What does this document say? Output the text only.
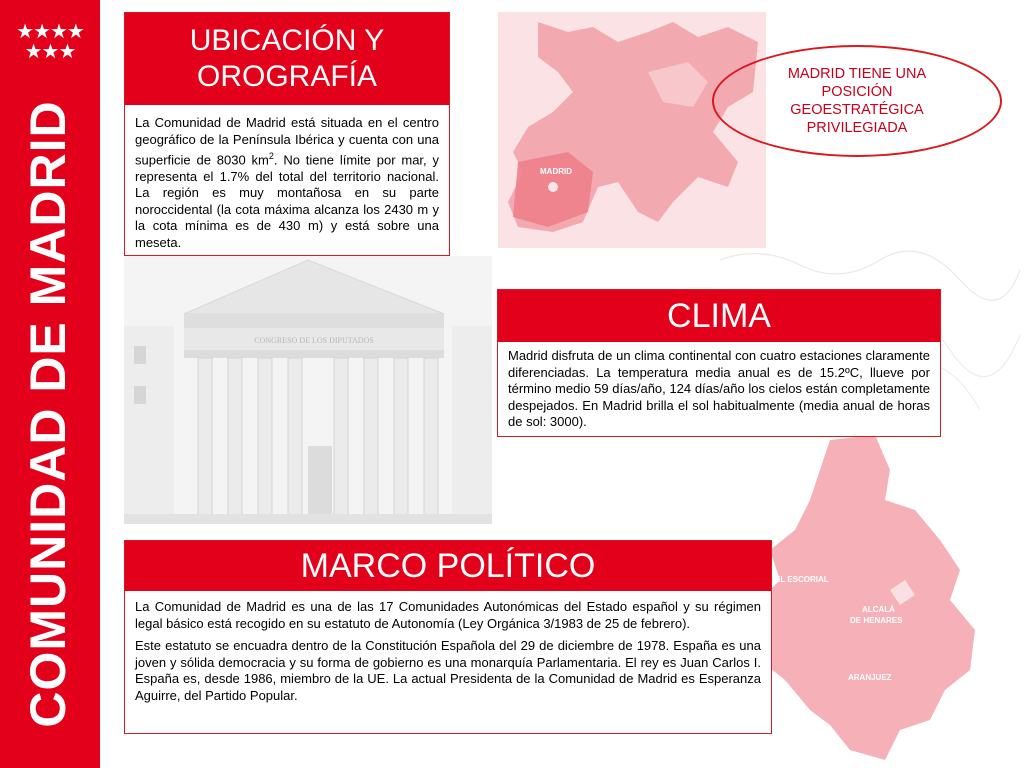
★★★★
★★★
COMUNIDAD DE MADRID	MADRID
EL ESCORIAL
ALCALÁ
DE HENARES
ARANJUEZ
CONGRESO DE LOS DIPUTADOS
UBICACIÓN Y OROGRAFÍA

La Comunidad de Madrid está situada en el centro geográfico de la Península Ibérica y cuenta con una superficie de 8030 $km^2$. No tiene límite por mar, y representa el 1.7% del total del territorio nacional. La región es muy montañosa en su parte noroccidental (la cota máxima alcanza los 2430 m y la cota mínima es de 430 m) y está sobre una meseta.

MADRID TIENE UNA POSICIÓN GEOESTRATÉGICA PRIVILEGIADA
CLIMA

Madrid disfruta de un clima continental con cuatro estaciones claramente diferenciadas. La temperatura media anual es de 15.2ºC, llueve por término medio 59 días/año, 124 días/año los cielos están completamente despejados. En Madrid brilla el sol habitualmente (media anual de horas de sol: 3000).

MARCO POLÍTICO

La Comunidad de Madrid es una de las 17 Comunidades Autonómicas del Estado español y su régimen legal básico está recogido en su estatuto de Autonomía (Ley Orgánica 3/1983 de 25 de febrero).

Este estatuto se encuadra dentro de la Constitución Española del 29 de diciembre de 1978. España es una joven y sólida democracia y su forma de gobierno es una monarquía Parlamentaria. El rey es Juan Carlos I. España es, desde 1986, miembro de la UE. La actual Presidenta de la Comunidad de Madrid es Esperanza Aguirre, del Partido Popular.
